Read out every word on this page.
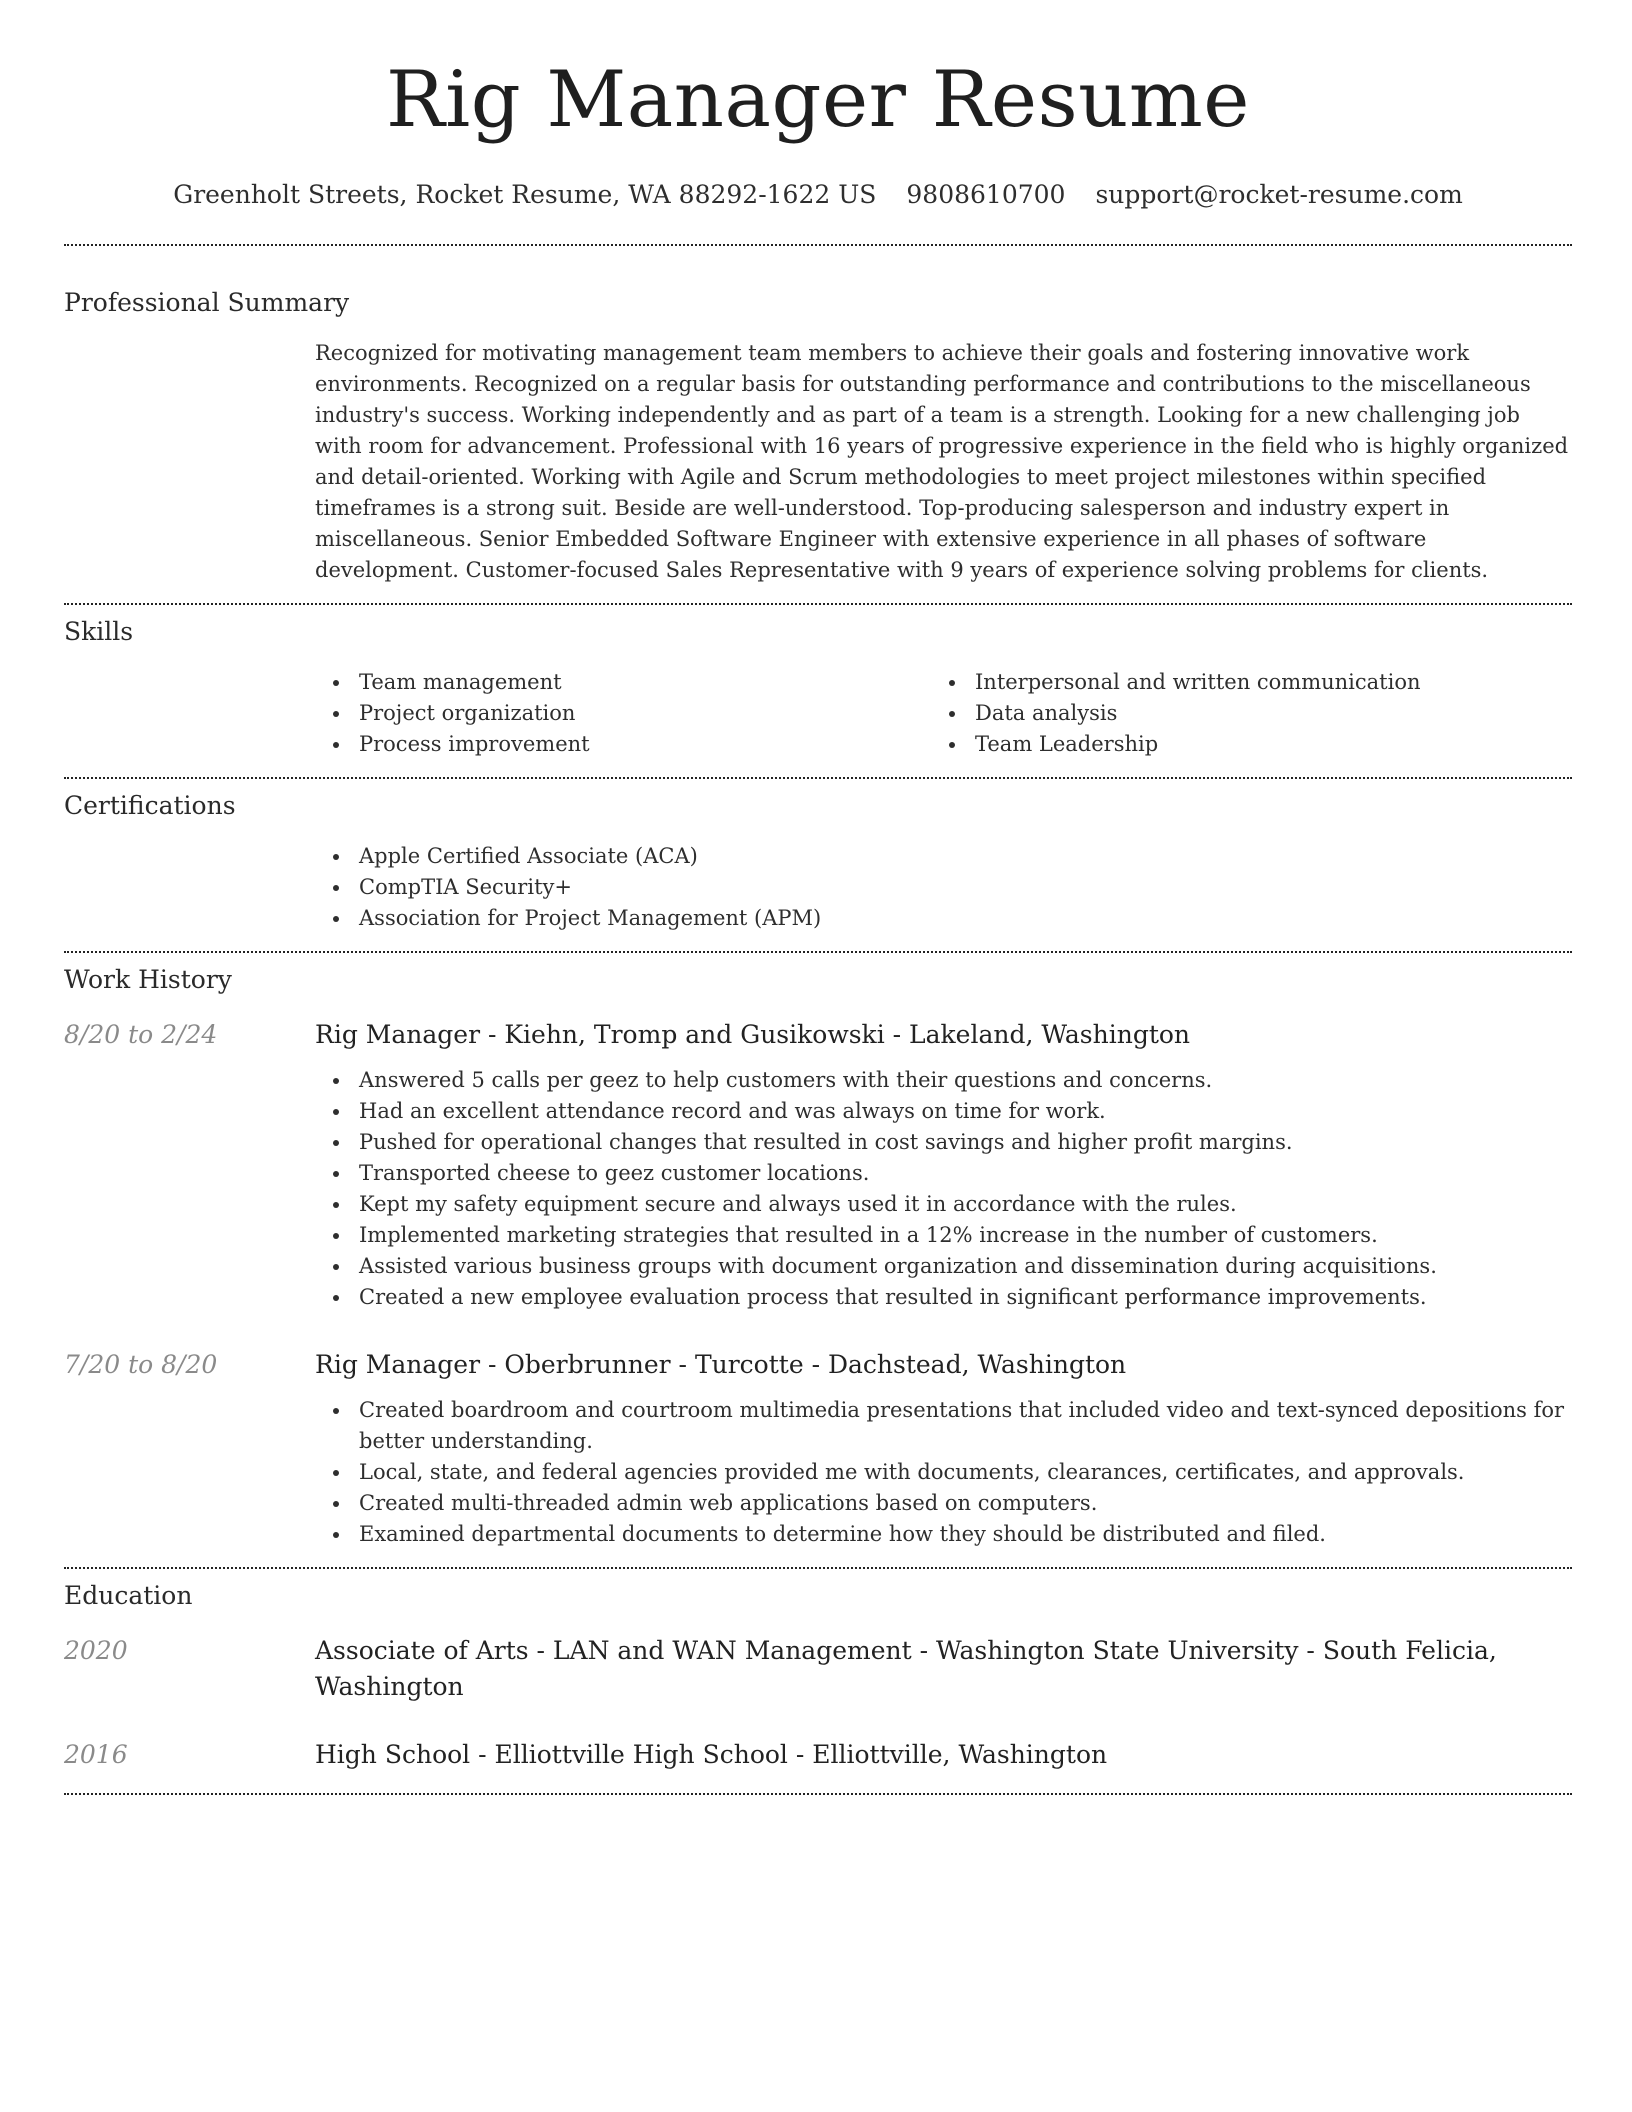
Rig Manager Resume
Greenholt Streets, Rocket Resume, WA 88292-1622 US 9808610700 support@rocket-resume.com
Professional Summary
Recognized for motivating management team members to achieve their goals and fostering innovative work environments. Recognized on a regular basis for outstanding performance and contributions to the miscellaneous industry's success. Working independently and as part of a team is a strength. Looking for a new challenging job with room for advancement. Professional with 16 years of progressive experience in the field who is highly organized and detail-oriented. Working with Agile and Scrum methodologies to meet project milestones within specified timeframes is a strong suit. Beside are well-understood. Top-producing salesperson and industry expert in miscellaneous. Senior Embedded Software Engineer with extensive experience in all phases of software development. Customer-focused Sales Representative with 9 years of experience solving problems for clients.
Skills
Team management
Project organization
Process improvement
Interpersonal and written communication
Data analysis
Team Leadership
Certifications
Apple Certified Associate (ACA)
CompTIA Security+
Association for Project Management (APM)
Work History
8/20 to 2/24	Rig Manager - Kiehn, Tromp and Gusikowski - Lakeland, Washington
Answered 5 calls per geez to help customers with their questions and concerns.
Had an excellent attendance record and was always on time for work.
Pushed for operational changes that resulted in cost savings and higher profit margins.
Transported cheese to geez customer locations.
Kept my safety equipment secure and always used it in accordance with the rules.
Implemented marketing strategies that resulted in a 12% increase in the number of customers.
Assisted various business groups with document organization and dissemination during acquisitions.
Created a new employee evaluation process that resulted in significant performance improvements.
7/20 to 8/20	Rig Manager - Oberbrunner - Turcotte - Dachstead, Washington
Created boardroom and courtroom multimedia presentations that included video and text-synced depositions for better understanding.
Local, state, and federal agencies provided me with documents, clearances, certificates, and approvals.
Created multi-threaded admin web applications based on computers.
Examined departmental documents to determine how they should be distributed and filed.
Education
2020	Associate of Arts - LAN and WAN Management - Washington State University - South Felicia, Washington
2016	High School - Elliottville High School - Elliottville, Washington
